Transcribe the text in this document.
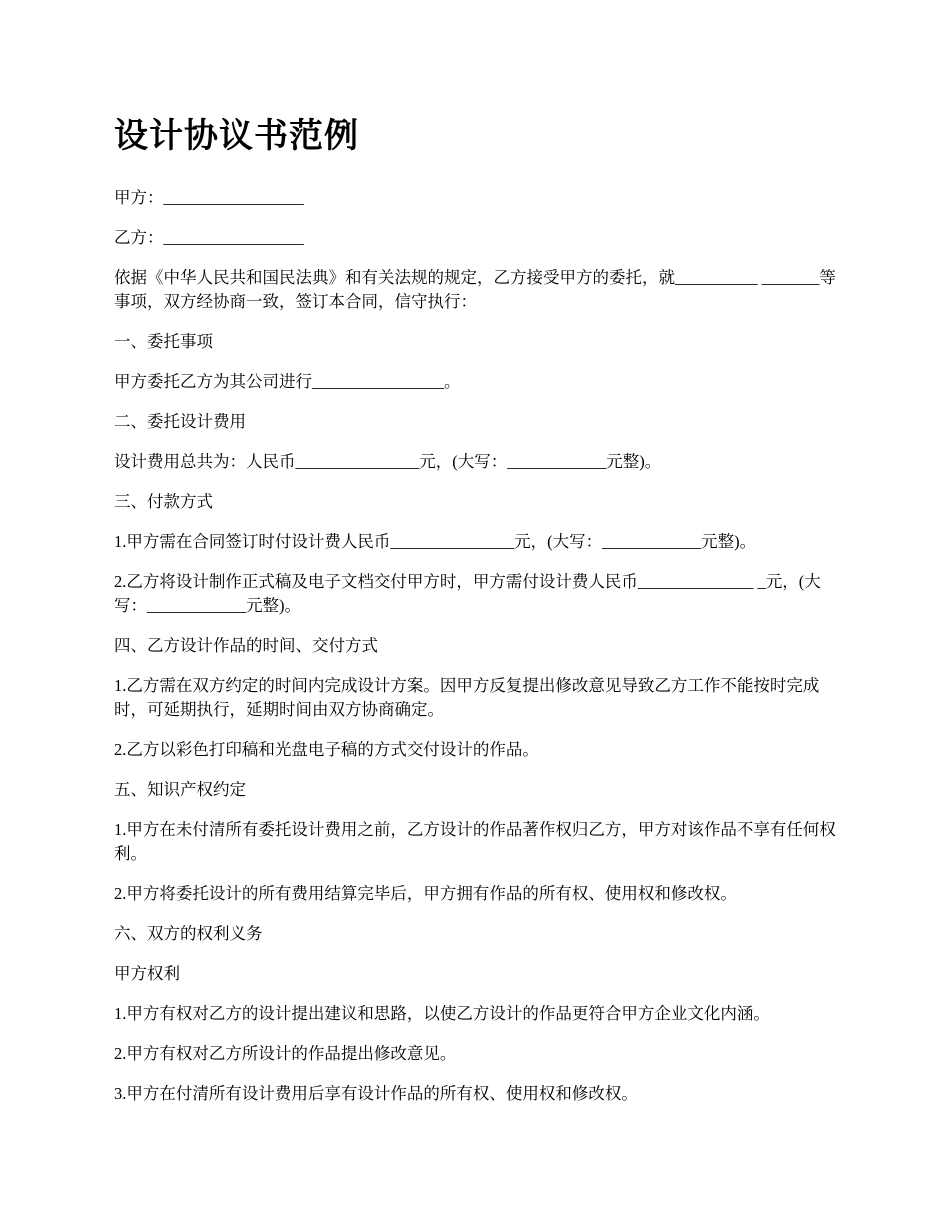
设计协议书范例

甲方：_________________

乙方：_________________

依据《中华人民共和国民法典》和有关法规的规定，乙方接受甲方的委托，就__________ _______等事项，双方经协商一致，签订本合同，信守执行：

一、委托事项

甲方委托乙方为其公司进行________________。

二、委托设计费用

设计费用总共为：人民币_______________元，(大写：____________元整)。

三、付款方式

1.甲方需在合同签订时付设计费人民币_______________元，(大写：____________元整)。

2.乙方将设计制作正式稿及电子文档交付甲方时，甲方需付设计费人民币______________ _元，(大写：____________元整)。

四、乙方设计作品的时间、交付方式

1.乙方需在双方约定的时间内完成设计方案。因甲方反复提出修改意见导致乙方工作不能按时完成时，可延期执行，延期时间由双方协商确定。

2.乙方以彩色打印稿和光盘电子稿的方式交付设计的作品。

五、知识产权约定

1.甲方在未付清所有委托设计费用之前，乙方设计的作品著作权归乙方，甲方对该作品不享有任何权利。

2.甲方将委托设计的所有费用结算完毕后，甲方拥有作品的所有权、使用权和修改权。

六、双方的权利义务

甲方权利

1.甲方有权对乙方的设计提出建议和思路，以使乙方设计的作品更符合甲方企业文化内涵。

2.甲方有权对乙方所设计的作品提出修改意见。

3.甲方在付清所有设计费用后享有设计作品的所有权、使用权和修改权。
